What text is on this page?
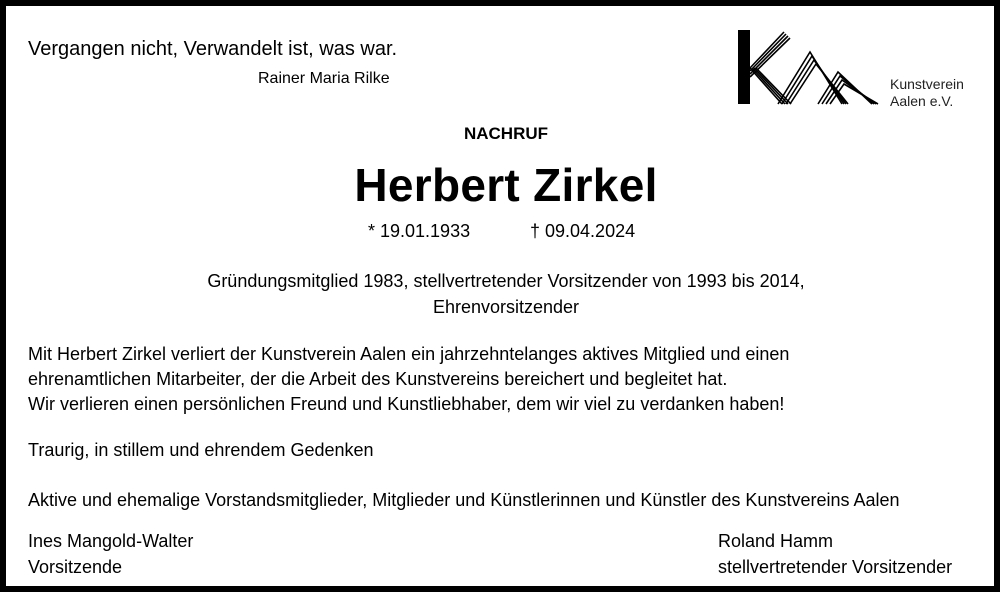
Vergangen nicht, Verwandelt ist, was war.
Rainer Maria Rilke	Kunstverein
Aalen e.V.
NACHRUF
Herbert Zirkel
* 19.01.1933	† 09.04.2024
Gründungsmitglied 1983, stellvertretender Vorsitzender von 1993 bis 2014,
Ehrenvorsitzender
Mit Herbert Zirkel verliert der Kunstverein Aalen ein jahrzehntelanges aktives Mitglied und einen
ehrenamtlichen Mitarbeiter, der die Arbeit des Kunstvereins bereichert und begleitet hat.
Wir verlieren einen persönlichen Freund und Kunstliebhaber, dem wir viel zu verdanken haben!
Traurig, in stillem und ehrendem Gedenken
Aktive und ehemalige Vorstandsmitglieder, Mitglieder und Künstlerinnen und Künstler des Kunstvereins Aalen
Ines Mangold-Walter
Vorsitzende
Roland Hamm
stellvertretender Vorsitzender
